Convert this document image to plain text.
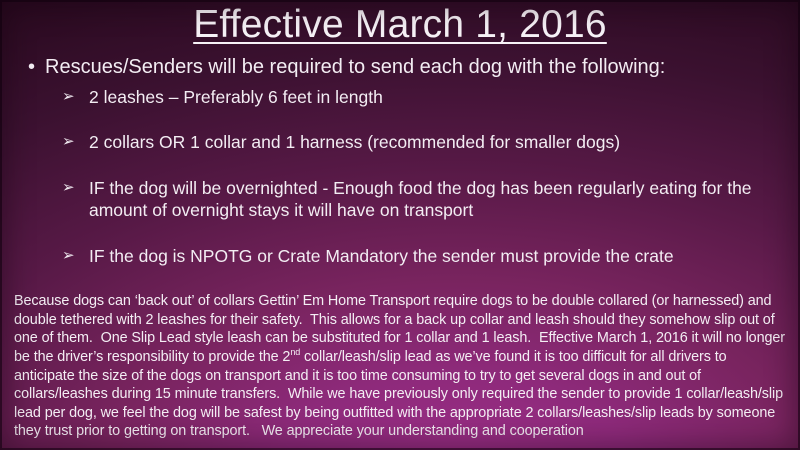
Effective March 1, 2016
• Rescues/Senders will be required to send each dog with the following:
➢ 2 leashes – Preferably 6 feet in length
➢ 2 collars OR 1 collar and 1 harness (recommended for smaller dogs)
➢ IF the dog will be overnighted - Enough food the dog has been regularly eating for the amount of overnight stays it will have on transport
➢ IF the dog is NPOTG or Crate Mandatory the sender must provide the crate

Because dogs can ‘back out’ of collars Gettin’ Em Home Transport require dogs to be double collared (or harnessed) and double tethered with 2 leashes for their safety.  This allows for a back up collar and leash should they somehow slip out of one of them.  One Slip Lead style leash can be substituted for 1 collar and 1 leash.  Effective March 1, 2016 it will no longer be the driver’s responsibility to provide the 2nd collar/leash/slip lead as we’ve found it is too difficult for all drivers to anticipate the size of the dogs on transport and it is too time consuming to try to get several dogs in and out of collars/leashes during 15 minute transfers.  While we have previously only required the sender to provide 1 collar/leash/slip lead per dog, we feel the dog will be safest by being outfitted with the appropriate 2 collars/leashes/slip leads by someone they trust prior to getting on transport.   We appreciate your understanding and cooperation
